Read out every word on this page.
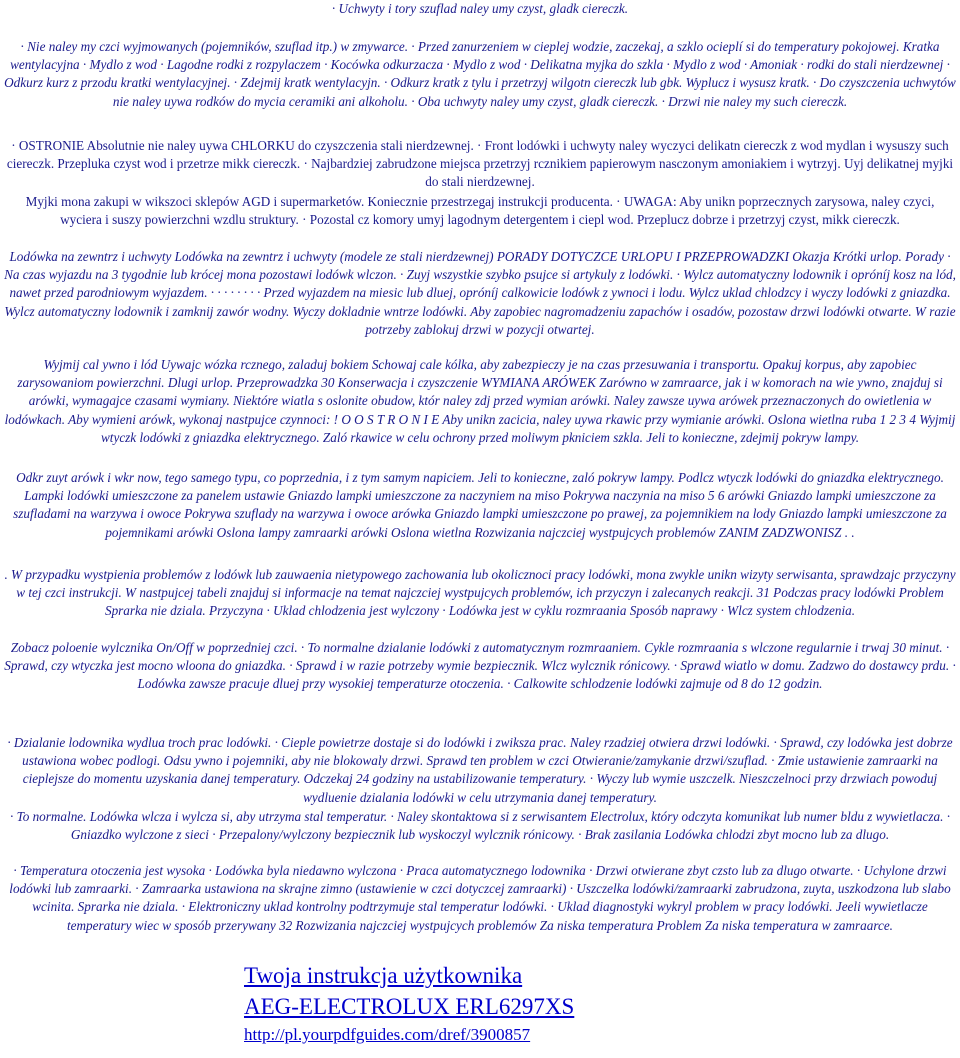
· Uchwyty i tory szuflad naley umy czyst, gladk ciereczk.

· Nie naley my czci wyjmowanych (pojemników, szuflad itp.) w zmywarce. · Przed zanurzeniem w cieplej wodzie, zaczekaj, a szklo ocieplí si do temperatury pokojowej. Kratka wentylacyjna · Mydlo z wod · Lagodne rodki z rozpylaczem · Kocówka odkurzacza · Mydlo z wod · Delikatna myjka do szkla · Mydlo z wod · Amoniak · rodki do stali nierdzewnej · Odkurz kurz z przodu kratki wentylacyjnej. · Zdejmij kratk wentylacyjn. · Odkurz kratk z tylu i przetrzyj wilgotn ciereczk lub gbk. Wyplucz i wysusz kratk. · Do czyszczenia uchwytów nie naley uywa rodków do mycia ceramiki ani alkoholu. · Oba uchwyty naley umy czyst, gladk ciereczk. · Drzwi nie naley my such ciereczk.

· OSTRONIE Absolutnie nie naley uywa CHLORKU do czyszczenia stali nierdzewnej. · Front lodówki i uchwyty naley wyczyci delikatn ciereczk z wod mydlan i wysuszy such ciereczk. Przepluka czyst wod i przetrze mikk ciereczk. · Najbardziej zabrudzone miejsca przetrzyj rcznikiem papierowym nasczonym amoniakiem i wytrzyj. Uyj delikatnej myjki do stali nierdzewnej.

Myjki mona zakupi w wikszoci sklepów AGD i supermarketów. Koniecznie przestrzegaj instrukcji producenta. · UWAGA: Aby unikn poprzecznych zarysowa, naley czyci, wyciera i suszy powierzchni wzdlu struktury. · Pozostal cz komory umyj lagodnym detergentem i ciepl wod. Przeplucz dobrze i przetrzyj czyst, mikk ciereczk.

Lodówka na zewntrz i uchwyty Lodówka na zewntrz i uchwyty (modele ze stali nierdzewnej) PORADY DOTYCZCE URLOPU I PRZEPROWADZKI Okazja Krótki urlop. Porady · Na czas wyjazdu na 3 tygodnie lub krócej mona pozostawi lodówk wlczon. · Zuyj wszystkie szybko psujce si artykuly z lodówki. · Wylcz automatyczny lodownik i opróníj kosz na lód, nawet przed parodniowym wyjazdem. · · · · · · · · Przed wyjazdem na miesic lub dluej, opróníj calkowicie lodówk z ywnoci i lodu. Wylcz uklad chlodzcy i wyczy lodówki z gniazdka. Wylcz automatyczny lodownik i zamknij zawór wodny. Wyczy dokladnie wntrze lodówki. Aby zapobiec nagromadzeniu zapachów i osadów, pozostaw drzwi lodówki otwarte. W razie potrzeby zablokuj drzwi w pozycji otwartej.

Wyjmij cal ywno i lód Uywajc wózka rcznego, zaladuj bokiem Schowaj cale kólka, aby zabezpieczy je na czas przesuwania i transportu. Opakuj korpus, aby zapobiec zarysowaniom powierzchni. Dlugi urlop. Przeprowadzka 30 Konserwacja i czyszczenie WYMIANA ARÓWEK Zarówno w zamraarce, jak i w komorach na wie ywno, znajduj si arówki, wymagajce czasami wymiany. Niektóre wiatla s oslonite obudow, któr naley zdj przed wymian arówki. Naley zawsze uywa arówek przeznaczonych do owietlenia w lodówkach. Aby wymieni arówk, wykonaj nastpujce czynnoci: ! O O S T R O N I E Aby unikn zacicia, naley uywa rkawic przy wymianie arówki. Oslona wietlna ruba 1 2 3 4 Wyjmij wtyczk lodówki z gniazdka elektrycznego. Zaló rkawice w celu ochrony przed moliwym pkniciem szkla. Jeli to konieczne, zdejmij pokryw lampy.

Odkr zuyt arówk i wkr now, tego samego typu, co poprzednia, i z tym samym napiciem. Jeli to konieczne, zaló pokryw lampy. Podlcz wtyczk lodówki do gniazdka elektrycznego. Lampki lodówki umieszczone za panelem ustawie Gniazdo lampki umieszczone za naczyniem na miso Pokrywa naczynia na miso 5 6 arówki Gniazdo lampki umieszczone za szufladami na warzywa i owoce Pokrywa szuflady na warzywa i owoce arówka Gniazdo lampki umieszczone po prawej, za pojemnikiem na lody Gniazdo lampki umieszczone za pojemnikami arówki Oslona lampy zamraarki arówki Oslona wietlna Rozwizania najczciej wystpujcych problemów ZANIM ZADZWONISZ . .

. W przypadku wystpienia problemów z lodówk lub zauwaenia nietypowego zachowania lub okolicznoci pracy lodówki, mona zwykle unikn wizyty serwisanta, sprawdzajc przyczyny w tej czci instrukcji. W nastpujcej tabeli znajduj si informacje na temat najczciej wystpujcych problemów, ich przyczyn i zalecanych reakcji. 31 Podczas pracy lodówki Problem Sprarka nie dziala. Przyczyna · Uklad chlodzenia jest wylczony · Lodówka jest w cyklu rozmraania Sposób naprawy · Wlcz system chlodzenia.

Zobacz poloenie wylcznika On/Off w poprzedniej czci. · To normalne dzialanie lodówki z automatycznym rozmraaniem. Cykle rozmraania s wlczone regularnie i trwaj 30 minut. · Sprawd, czy wtyczka jest mocno wloona do gniazdka. · Sprawd i w razie potrzeby wymie bezpiecznik. Wlcz wylcznik rónicowy. · Sprawd wiatlo w domu. Zadzwo do dostawcy prdu. · Lodówka zawsze pracuje dluej przy wysokiej temperaturze otoczenia. · Calkowite schlodzenie lodówki zajmuje od 8 do 12 godzin.

· Dzialanie lodownika wydlua troch prac lodówki. · Cieple powietrze dostaje si do lodówki i zwiksza prac. Naley rzadziej otwiera drzwi lodówki. · Sprawd, czy lodówka jest dobrze ustawiona wobec podlogi. Odsu ywno i pojemniki, aby nie blokowaly drzwi. Sprawd ten problem w czci Otwieranie/zamykanie drzwi/szuflad. · Zmie ustawienie zamraarki na cieplejsze do momentu uzyskania danej temperatury. Odczekaj 24 godziny na ustabilizowanie temperatury. · Wyczy lub wymie uszczelk. Nieszczelnoci przy drzwiach powoduj wydluenie dzialania lodówki w celu utrzymania danej temperatury.

· To normalne. Lodówka wlcza i wylcza si, aby utrzyma stal temperatur. · Naley skontaktowa si z serwisantem Electrolux, który odczyta komunikat lub numer bldu z wywietlacza. · Gniazdko wylczone z sieci · Przepalony/wylczony bezpiecznik lub wyskoczyl wylcznik rónicowy. · Brak zasilania Lodówka chlodzi zbyt mocno lub za dlugo.

· Temperatura otoczenia jest wysoka · Lodówka byla niedawno wylczona · Praca automatycznego lodownika · Drzwi otwierane zbyt czsto lub za dlugo otwarte. · Uchylone drzwi lodówki lub zamraarki. · Zamraarka ustawiona na skrajne zimno (ustawienie w czci dotyczcej zamraarki) · Uszczelka lodówki/zamraarki zabrudzona, zuyta, uszkodzona lub slabo wcinita. Sprarka nie dziala. · Elektroniczny uklad kontrolny podtrzymuje stal temperatur lodówki. · Uklad diagnostyki wykryl problem w pracy lodówki. Jeeli wywietlacze temperatury wiec w sposób przerywany 32 Rozwizania najczciej wystpujcych problemów Za niska temperatura Problem Za niska temperatura w zamraarce.

Twoja instrukcja użytkownika
AEG-ELECTROLUX ERL6297XS
http://pl.yourpdfguides.com/dref/3900857
